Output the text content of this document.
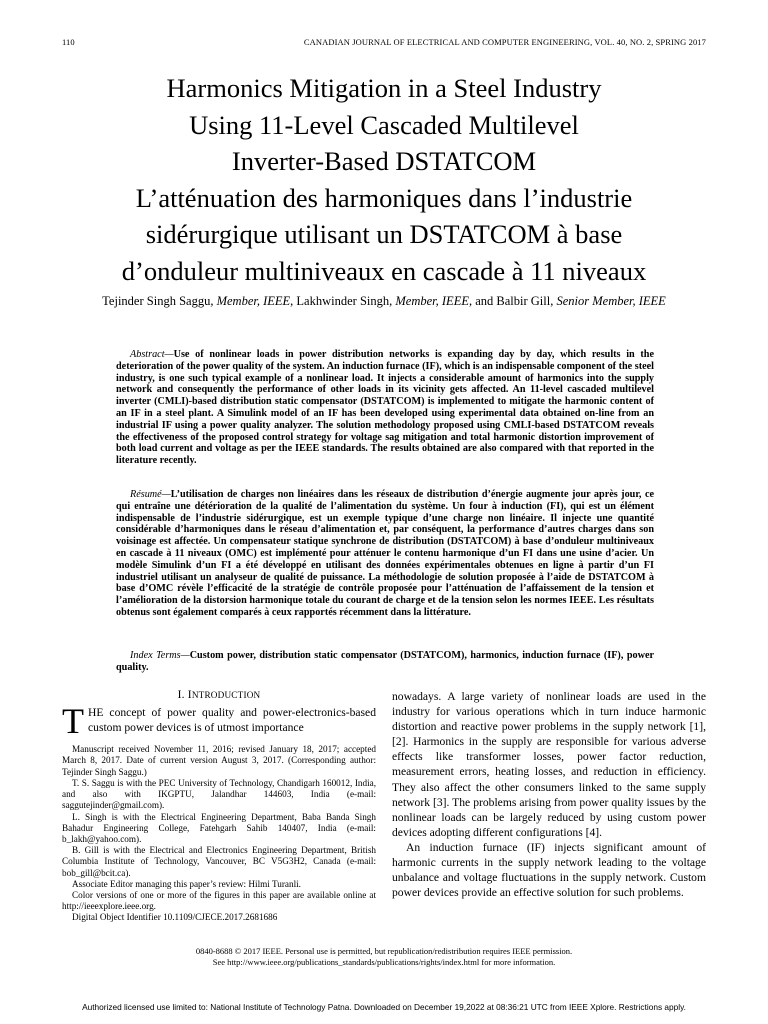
110	CANADIAN JOURNAL OF ELECTRICAL AND COMPUTER ENGINEERING, VOL. 40, NO. 2, SPRING 2017
Harmonics Mitigation in a Steel Industry
Using 11-Level Cascaded Multilevel
Inverter-Based DSTATCOM
L’atténuation des harmoniques dans l’industrie
sidérurgique utilisant un DSTATCOM à base
d’onduleur multiniveaux en cascade à 11 niveaux
Tejinder Singh Saggu, Member, IEEE, Lakhwinder Singh, Member, IEEE, and Balbir Gill, Senior Member, IEEE
Abstract—Use of nonlinear loads in power distribution networks is expanding day by day, which results in the deterioration of the power quality of the system. An induction furnace (IF), which is an indispensable component of the steel industry, is one such typical example of a nonlinear load. It injects a considerable amount of harmonics into the supply network and consequently the performance of other loads in its vicinity gets affected. An 11-level cascaded multilevel inverter (CMLI)-based distribution static compensator (DSTATCOM) is implemented to mitigate the harmonic content of an IF in a steel plant. A Simulink model of an IF has been developed using experimental data obtained on-line from an industrial IF using a power quality analyzer. The solution methodology proposed using CMLI-based DSTATCOM reveals the effectiveness of the proposed control strategy for voltage sag mitigation and total harmonic distortion improvement of both load current and voltage as per the IEEE standards. The results obtained are also compared with that reported in the literature recently.
Résumé—L’utilisation de charges non linéaires dans les réseaux de distribution d’énergie augmente jour après jour, ce qui entraîne une détérioration de la qualité de l’alimentation du système. Un four à induction (FI), qui est un élément indispensable de l’industrie sidérurgique, est un exemple typique d’une charge non linéaire. Il injecte une quantité considérable d’harmoniques dans le réseau d’alimentation et, par conséquent, la performance d’autres charges dans son voisinage est affectée. Un compensateur statique synchrone de distribution (DSTATCOM) à base d’onduleur multiniveaux en cascade à 11 niveaux (OMC) est implémenté pour atténuer le contenu harmonique d’un FI dans une usine d’acier. Un modèle Simulink d’un FI a été développé en utilisant des données expérimentales obtenues en ligne à partir d’un FI industriel utilisant un analyseur de qualité de puissance. La méthodologie de solution proposée à l’aide de DSTATCOM à base d’OMC révèle l’efficacité de la stratégie de contrôle proposée pour l’atténuation de l’affaissement de la tension et l’amélioration de la distorsion harmonique totale du courant de charge et de la tension selon les normes IEEE. Les résultats obtenus sont également comparés à ceux rapportés récemment dans la littérature.
Index Terms—Custom power, distribution static compensator (DSTATCOM), harmonics, induction furnace (IF), power quality.
I. INTRODUCTION
THE concept of power quality and power-electronics-based custom power devices is of utmost importance

Manuscript received November 11, 2016; revised January 18, 2017; accepted March 8, 2017. Date of current version August 3, 2017. (Corresponding author: Tejinder Singh Saggu.)

T. S. Saggu is with the PEC University of Technology, Chandigarh 160012, India, and also with IKGPTU, Jalandhar 144603, India (e-mail: saggutejinder@gmail.com).

L. Singh is with the Electrical Engineering Department, Baba Banda Singh Bahadur Engineering College, Fatehgarh Sahib 140407, India (e-mail: b_lakh@yahoo.com).

B. Gill is with the Electrical and Electronics Engineering Department, British Columbia Institute of Technology, Vancouver, BC V5G3H2, Canada (e-mail: bob_gill@bcit.ca).

Associate Editor managing this paper’s review: Hilmi Turanli.

Color versions of one or more of the figures in this paper are available online at http://ieeexplore.ieee.org.

Digital Object Identifier 10.1109/CJECE.2017.2681686

nowadays. A large variety of nonlinear loads are used in the industry for various operations which in turn induce harmonic distortion and reactive power problems in the supply network [1], [2]. Harmonics in the supply are responsible for various adverse effects like transformer losses, power factor reduction, measurement errors, heating losses, and reduction in efficiency. They also affect the other consumers linked to the same supply network [3]. The problems arising from power quality issues by the nonlinear loads can be largely reduced by using custom power devices adopting different configurations [4].

An induction furnace (IF) injects significant amount of harmonic currents in the supply network leading to the voltage unbalance and voltage fluctuations in the supply network. Custom power devices provide an effective solution for such problems.

0840-8688 © 2017 IEEE. Personal use is permitted, but republication/redistribution requires IEEE permission.
See http://www.ieee.org/publications_standards/publications/rights/index.html for more information.
Authorized licensed use limited to: National Institute of Technology Patna. Downloaded on December 19,2022 at 08:36:21 UTC from IEEE Xplore. Restrictions apply.
